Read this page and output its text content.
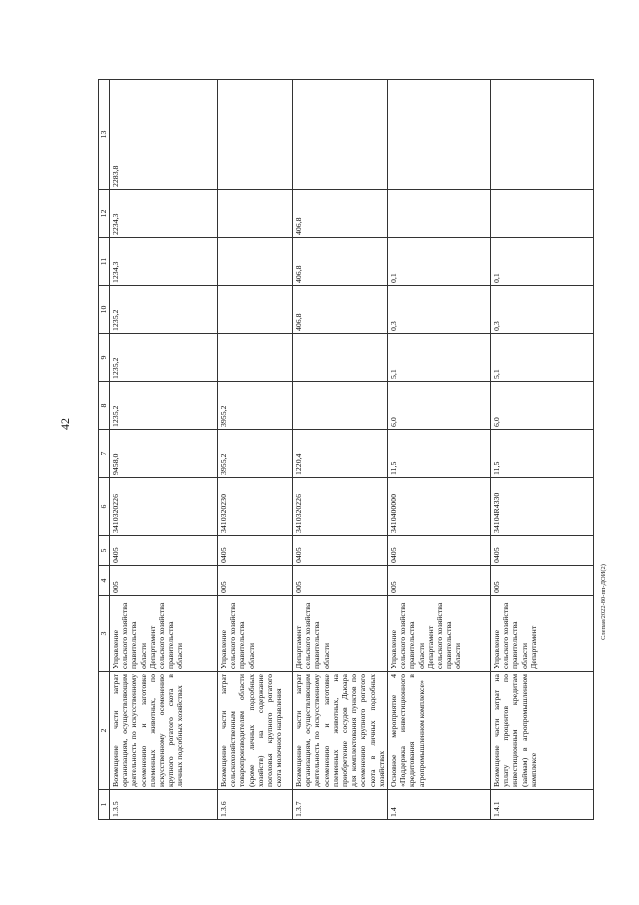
42
Слепая/2022-80-пп-ДОИ(2)
1	2	3	4	5	6	7	8	9	10	11	12	13
1.3.5	Возмещение части затрат организациям, осуществляющим деятельность по искусственному осеменению и заготовке племенных животных, по искусственному осеменению крупного рогатого скота в личных подсобных хозяйствах	Управление сельского хозяйства правительства области Департамент сельского хозяйства правительства области	005	0405	3410320226	9458,0	1235,2	1235,2	1235,2	1234,3	2234,3	2283,8
1.3.6	Возмещение части затрат сельскохозяйственным товаропроизводителям области (кроме личных подсобных хозяйств) на содержание поголовья крупного рогатого скота молочного направления	Управление сельского хозяйства правительства области	005	0405	3410320230	3955,2	3955,2					
1.3.7	Возмещение части затрат организациям, осуществляющим деятельность по искусственному осеменению и заготовке племенных животных, на приобретение сосудов Дьюара для комплектования пунктов по осеменению крупного рогатого скота в личных подсобных хозяйствах	Департамент сельского хозяйства правительства области	005	0405	3410320226	1220,4			406,8	406,8	406,8	
1.4	Основное мероприятие 4 «Поддержка инвестиционного кредитования в агропромышленном комплексе»	Управление сельского хозяйства правительства области Департамент сельского хозяйства правительства области	005	0405	3410400000	11,5	6,0	5,1	0,3	0,1		
1.4.1	Возмещение части затрат на уплату процентов по инвестиционным кредитам (займам) в агропромышленном комплексе	Управление сельского хозяйства правительства области Департамент	005	0405	34104R4330	11,5	6,0	5,1	0,3	0,1		
